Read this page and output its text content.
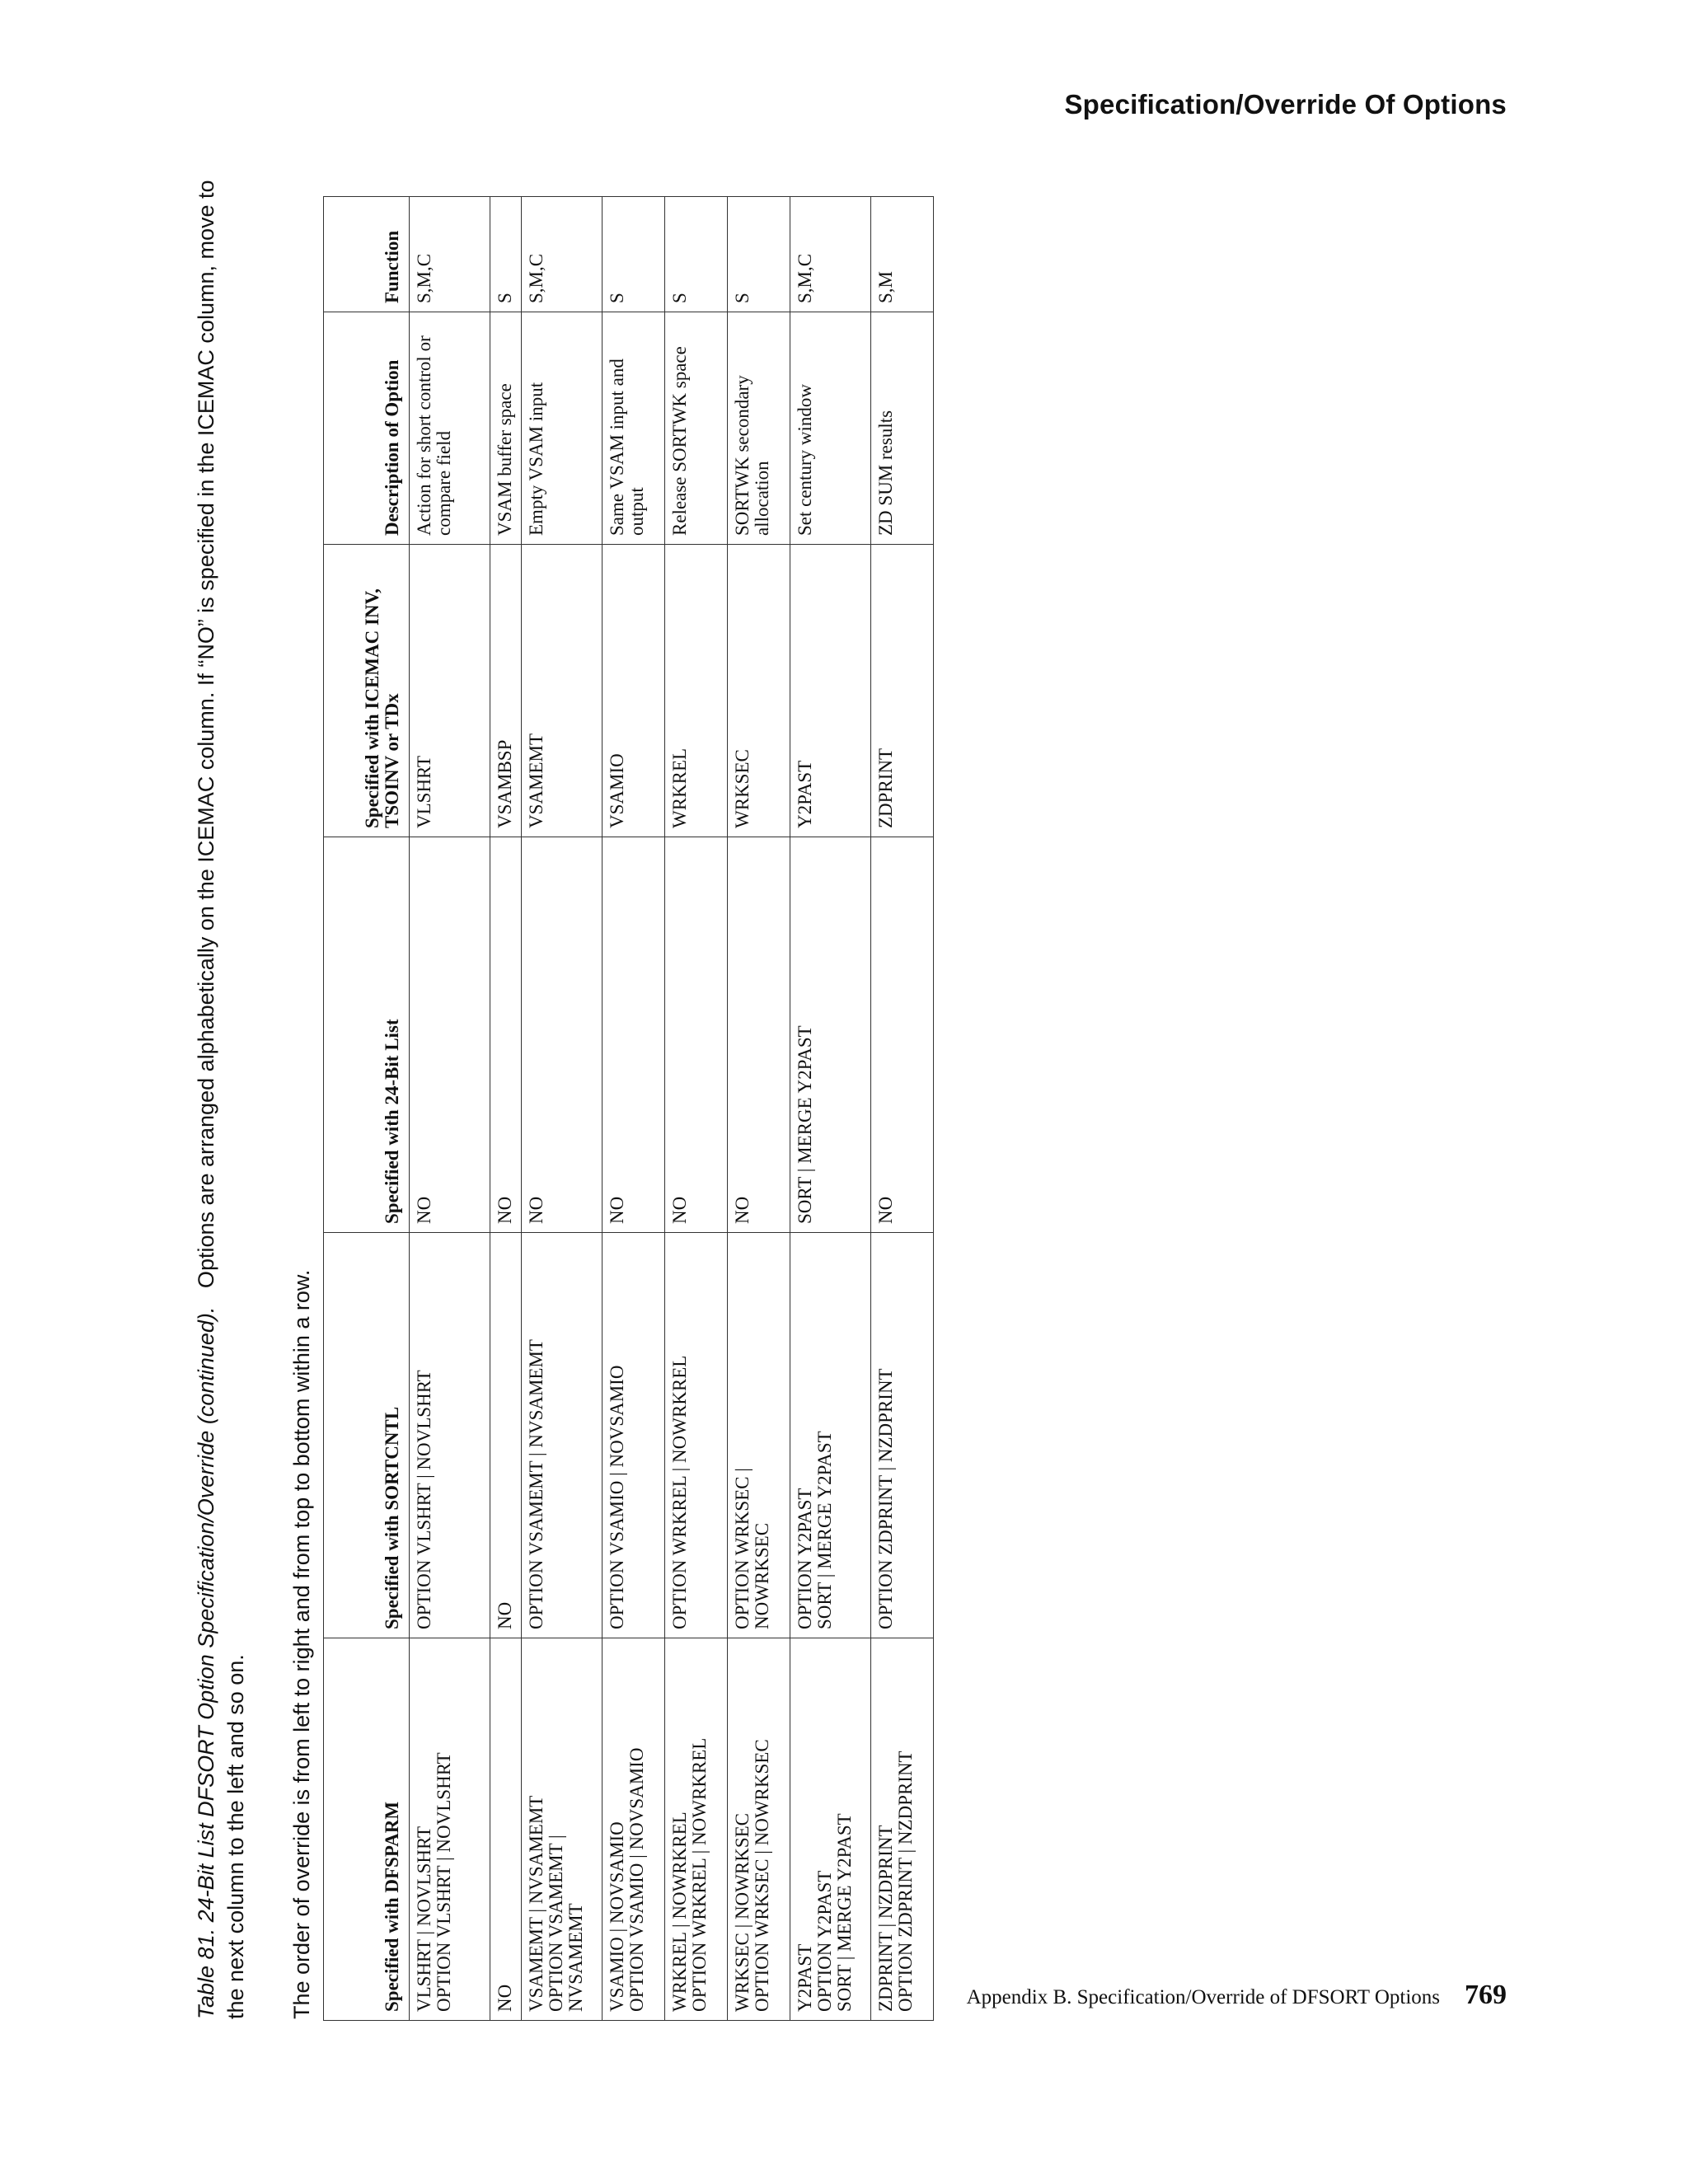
Specification/Override Of Options

Table 81. 24-Bit List DFSORT Option Specification/Override (continued).   Options are arranged alphabetically on the ICEMAC column. If “NO” is specified in the ICEMAC column, move to the next column to the left and so on. The order of override is from left to right and from top to bottom within a row.	Specified with DFSPARM	Specified with SORTCNTL	Specified with 24-Bit List	Specified with ICEMAC INV, TSOINV or TDx	Description of Option	Function

VLSHRT | NOVLSHRT OPTION VLSHRT | NOVLSHRT	OPTION VLSHRT | NOVLSHRT	NO	VLSHRT	Action for short control or compare field	S,M,C

NO	NO	NO	VSAMBSP	VSAM buffer space	S

VSAMEMT | NVSAMEMT OPTION VSAMEMT | NVSAMEMT	OPTION VSAMEMT | NVSAMEMT	NO	VSAMEMT	Empty VSAM input	S,M,C

VSAMIO | NOVSAMIO OPTION VSAMIO | NOVSAMIO	OPTION VSAMIO | NOVSAMIO	NO	VSAMIO	Same VSAM input and output	S

WRKREL | NOWRKREL OPTION WRKREL | NOWRKREL	OPTION WRKREL | NOWRKREL	NO	WRKREL	Release SORTWK space	S

WRKSEC | NOWRKSEC OPTION WRKSEC | NOWRKSEC	OPTION WRKSEC | NOWRKSEC	NO	WRKSEC	SORTWK secondary allocation	S

Y2PAST OPTION Y2PAST SORT | MERGE Y2PAST	OPTION Y2PAST SORT | MERGE Y2PAST	SORT | MERGE Y2PAST	Y2PAST	Set century window	S,M,C

ZDPRINT | NZDPRINT OPTION ZDPRINT | NZDPRINT	OPTION ZDPRINT | NZDPRINT	NO	ZDPRINT	ZD SUM results	S,M
Appendix B. Specification/Override of DFSORT Options 769
